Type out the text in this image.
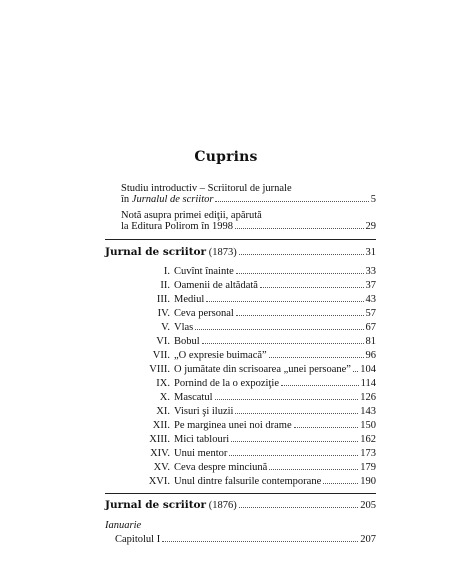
Cuprins
Studiu introductiv – Scriitorul de jurnale
în Jurnalul de scriitor	5
Notă asupra primei ediţii, apărută
la Editura Polirom în 1998	29
Jurnal de scriitor (1873)	31
I. Cuvînt înainte	33
II. Oamenii de altădată	37
III. Mediul	43
IV. Ceva personal	57
V. Vlas	67
VI. Bobul	81
VII. „O expresie buimacă”	96
VIII. O jumătate din scrisoarea „unei persoane” 104
IX. Pornind de la o expoziţie	114
X. Mascatul	126
XI. Visuri şi iluzii	143
XII. Pe marginea unei noi drame	150
XIII. Mici tablouri	162
XIV. Unui mentor	173
XV. Ceva despre minciună	179
XVI. Unul dintre falsurile contemporane	190
Jurnal de scriitor (1876)	205
Ianuarie
Capitolul I	207
